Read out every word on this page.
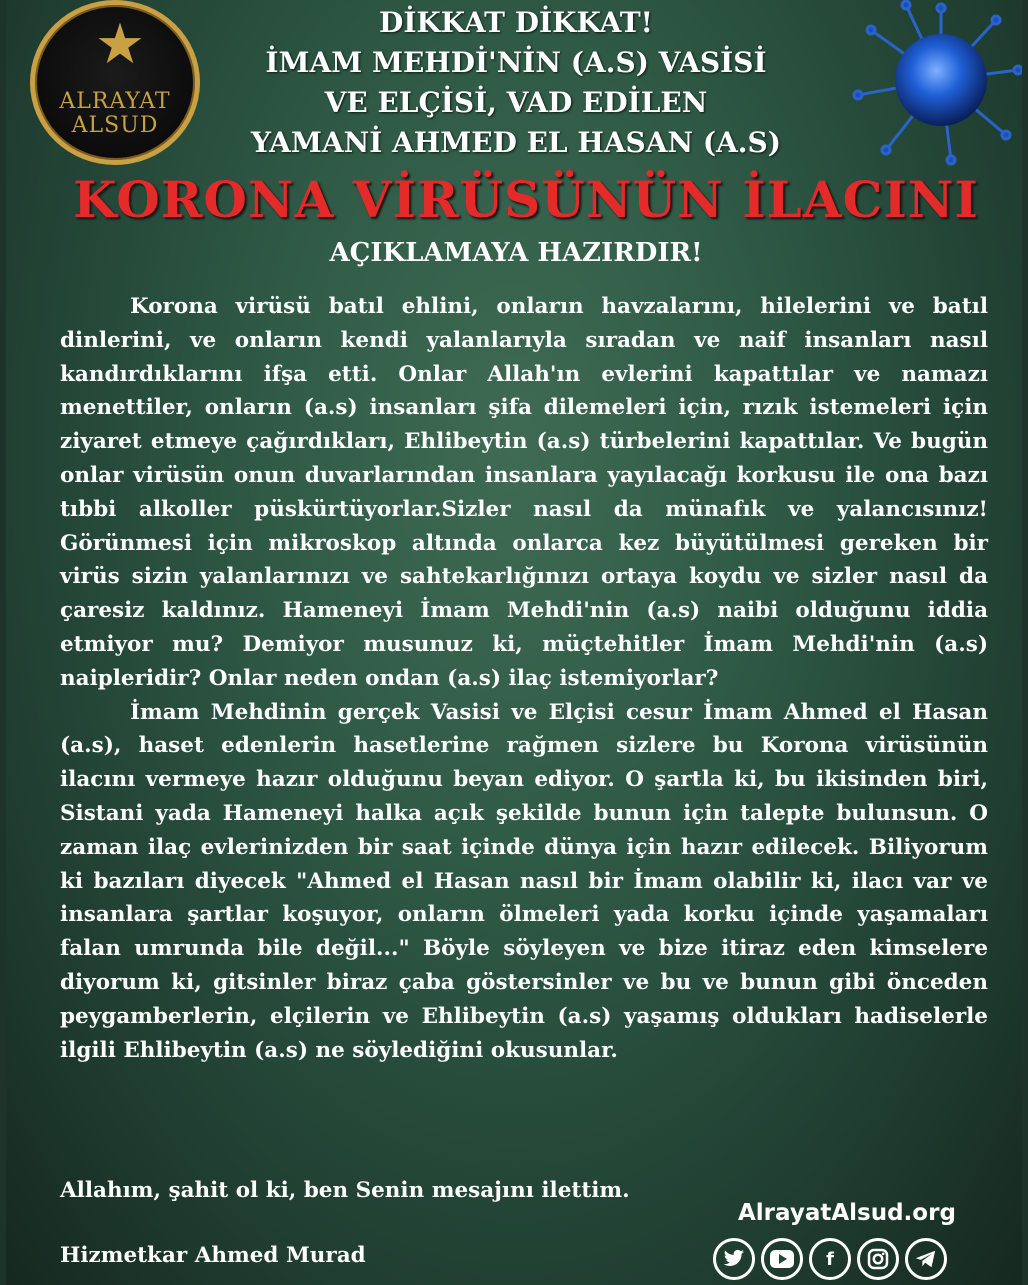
★
ALRAYAT
ALSUD
DİKKAT DİKKAT!
İMAM MEHDİ'NİN (A.S) VASİSİ
VE ELÇİSİ, VAD EDİLEN
YAMANİ AHMED EL HASAN (A.S)
KORONA VİRÜSÜNÜN İLACINI
AÇIKLAMAYA HAZIRDIR!

Korona virüsü batıl ehlini, onların havzalarını, hilelerini ve batıl dinlerini, ve onların kendi yalanlarıyla sıradan ve naif insanları nasıl kandırdıklarını ifşa etti. Onlar Allah'ın evlerini kapattılar ve namazı menettiler, onların (a.s) insanları şifa dilemeleri için, rızık istemeleri için ziyaret etmeye çağırdıkları, Ehlibeytin (a.s) türbelerini kapattılar. Ve bugün onlar virüsün onun duvarlarından insanlara yayılacağı korkusu ile ona bazı tıbbi alkoller püskürtüyorlar.Sizler nasıl da münafık ve yalancısınız! Görünmesi için mikroskop altında onlarca kez büyütülmesi gereken bir virüs sizin yalanlarınızı ve sahtekarlığınızı ortaya koydu ve sizler nasıl da çaresiz kaldınız. Hameneyi İmam Mehdi'nin (a.s) naibi olduğunu iddia etmiyor mu? Demiyor musunuz ki, müçtehitler İmam Mehdi'nin (a.s) naipleridir? Onlar neden ondan (a.s) ilaç istemiyorlar?

İmam Mehdinin gerçek Vasisi ve Elçisi cesur İmam Ahmed el Hasan (a.s), haset edenlerin hasetlerine rağmen sizlere bu Korona virüsünün ilacını vermeye hazır olduğunu beyan ediyor. O şartla ki, bu ikisinden biri, Sistani yada Hameneyi halka açık şekilde bunun için talepte bulunsun. O zaman ilaç evlerinizden bir saat içinde dünya için hazır edilecek. Biliyorum ki bazıları diyecek "Ahmed el Hasan nasıl bir İmam olabilir ki, ilacı var ve insanlara şartlar koşuyor, onların ölmeleri yada korku içinde yaşamaları falan umrunda bile değil..." Böyle söyleyen ve bize itiraz eden kimselere diyorum ki, gitsinler biraz çaba göstersinler ve bu ve bunun gibi önceden peygamberlerin, elçilerin ve Ehlibeytin (a.s) yaşamış oldukları hadiselerle ilgili Ehlibeytin (a.s) ne söylediğini okusunlar.

Allahım, şahit ol ki, ben Senin mesajını ilettim.
Hizmetkar Ahmed Murad
AlrayatAlsud.org
f
